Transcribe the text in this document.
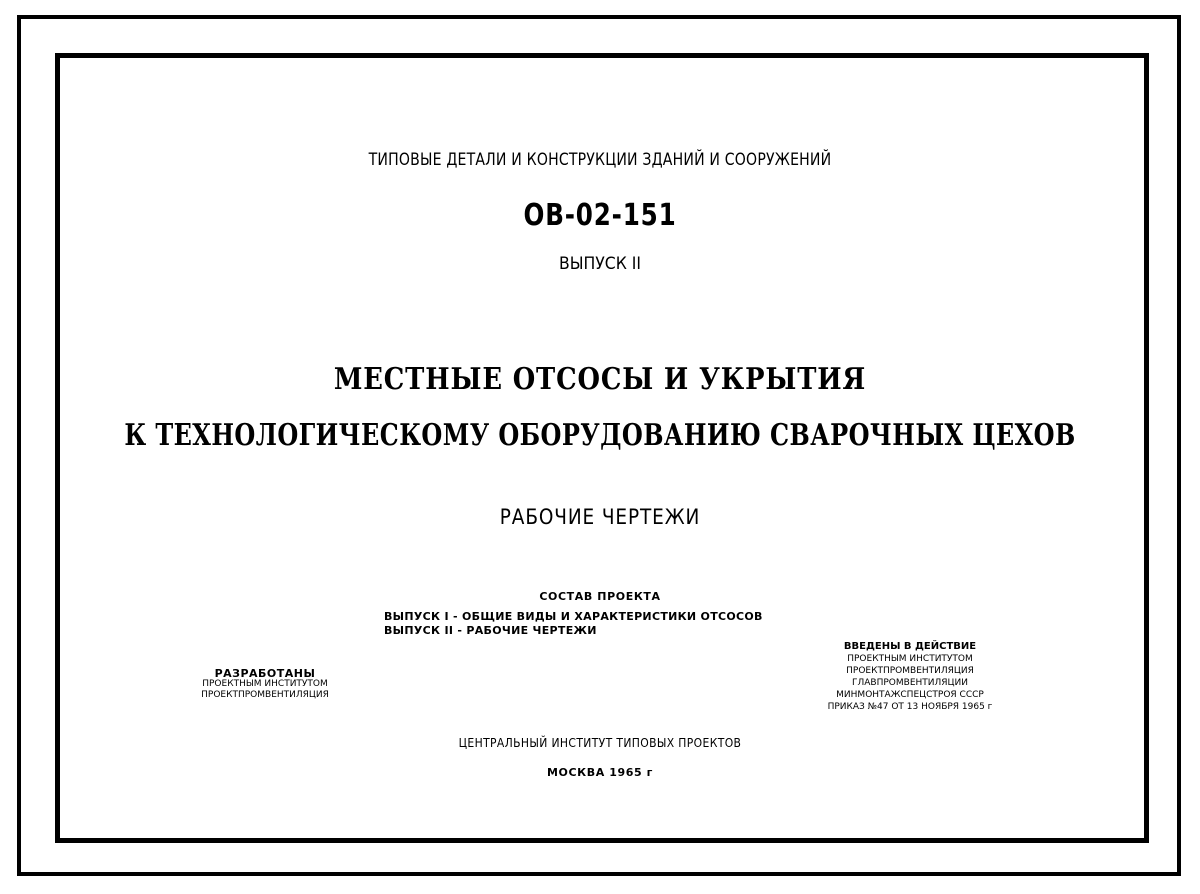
ТИПОВЫЕ ДЕТАЛИ И КОНСТРУКЦИИ ЗДАНИЙ И СООРУЖЕНИЙ
ОВ-02-151
ВЫПУСК II
МЕСТНЫЕ ОТСОСЫ И УКРЫТИЯ
К ТЕХНОЛОГИЧЕСКОМУ ОБОРУДОВАНИЮ СВАРОЧНЫХ ЦЕХОВ
РАБОЧИЕ ЧЕРТЕЖИ
СОСТАВ ПРОЕКТА
ВЫПУСК I - ОБЩИЕ ВИДЫ И ХАРАКТЕРИСТИКИ ОТСОСОВ
ВЫПУСК II - РАБОЧИЕ ЧЕРТЕЖИ
РАЗРАБОТАНЫ
ПРОЕКТНЫМ ИНСТИТУТОМ
ПРОЕКТПРОМВЕНТИЛЯЦИЯ
ВВЕДЕНЫ В ДЕЙСТВИЕ
ПРОЕКТНЫМ ИНСТИТУТОМ
ПРОЕКТПРОМВЕНТИЛЯЦИЯ
ГЛАВПРОМВЕНТИЛЯЦИИ
МИНМОНТАЖСПЕЦСТРОЯ СССР
ПРИКАЗ №47 ОТ 13 НОЯБРЯ 1965 г
ЦЕНТРАЛЬНЫЙ ИНСТИТУТ ТИПОВЫХ ПРОЕКТОВ
МОСКВА 1965 г
